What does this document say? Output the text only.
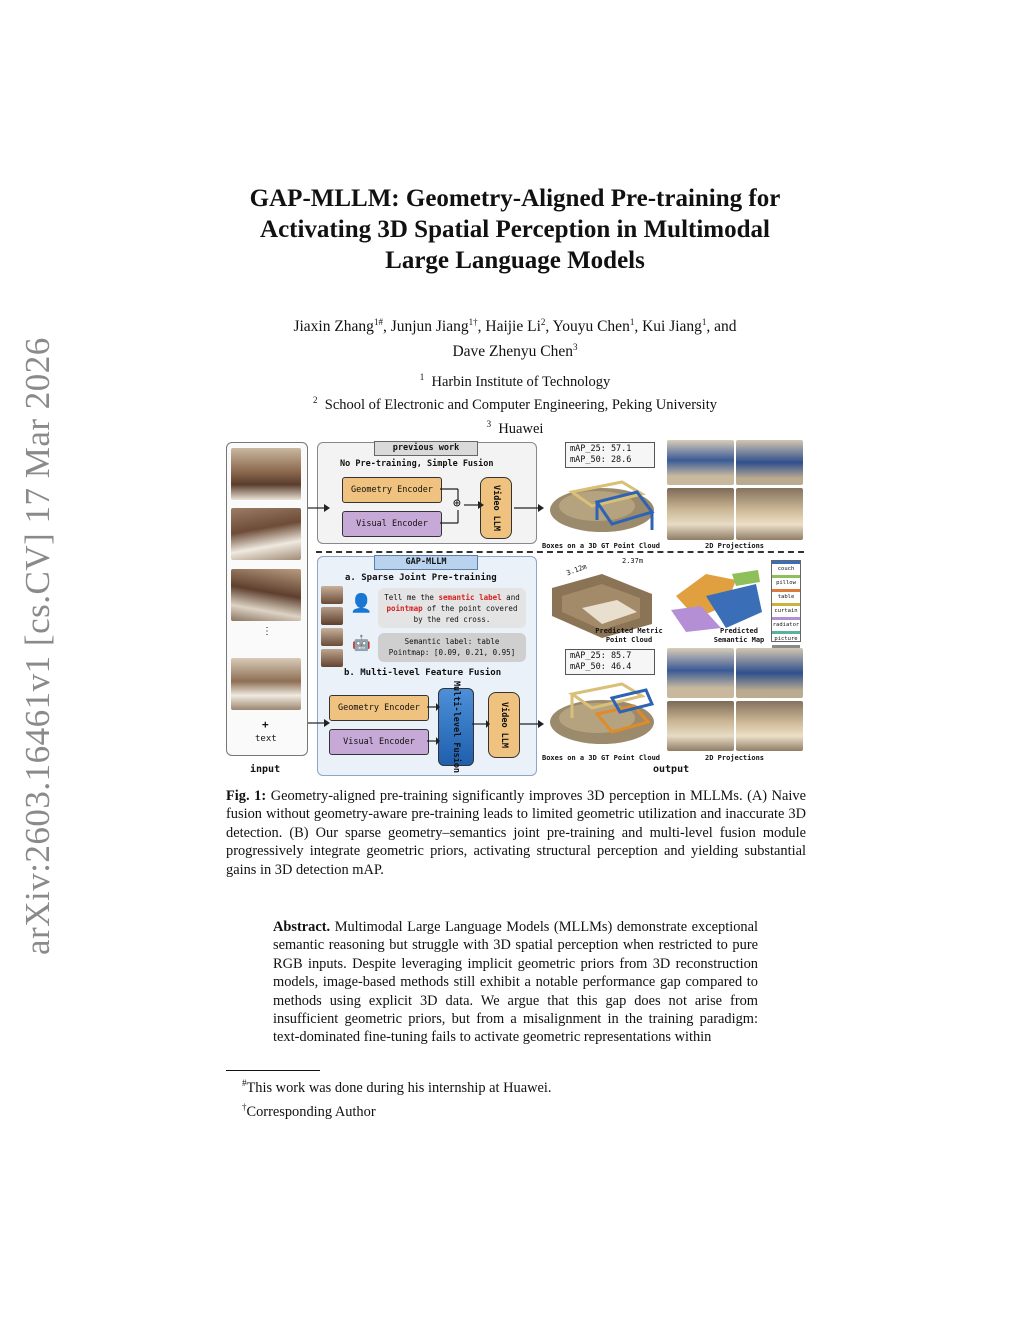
arXiv:2603.16461v1 [cs.CV] 17 Mar 2026
GAP-MLLM: Geometry-Aligned Pre-training for
Activating 3D Spatial Perception in Multimodal
Large Language Models
Jiaxin Zhang$^{1\#}$, Junjun Jiang$^{1\dagger}$, Haijie Li$^2$, Youyu Chen$^1$, Kui Jiang$^1$, and
Dave Zhenyu Chen$^3$
$^1$ Harbin Institute of Technology
$^2$ School of Electronic and Computer Engineering, Peking University
$^3$ Huawei
⋮
+
text
input
previous work
No Pre-training, Simple Fusion
Geometry Encoder
Visual Encoder
⊕	Video LLM
mAP_25: 57.1
mAP_50: 28.6
Boxes on a 3D GT Point Cloud	2D Projections
GAP-MLLM
a. Sparse Joint Pre-training
👤
🤖
Tell me the semantic label and
pointmap of the point covered
by the red cross.
Semantic label: table
Pointmap: [0.09, 0.21, 0.95]
b. Multi-level Feature Fusion
Geometry Encoder
Visual Encoder	Multi-level Fusion	Video LLM
3.12m
2.37m
Predicted Metric Point Cloud
Predicted Semantic Map
couch
pillow
table
curtain
radiator
picture
mAP_25: 85.7
mAP_50: 46.4
Boxes on a 3D GT Point Cloud	2D Projections
output
Fig. 1: Geometry-aligned pre-training significantly improves 3D perception in MLLMs. (A) Naive fusion without geometry-aware pre-training leads to limited geometric utilization and inaccurate 3D detection. (B) Our sparse geometry–semantics joint pre-training and multi-level fusion module progressively integrate geometric priors, activating structural perception and yielding substantial gains in 3D detection mAP.
Abstract. Multimodal Large Language Models (MLLMs) demonstrate exceptional semantic reasoning but struggle with 3D spatial perception when restricted to pure RGB inputs. Despite leveraging implicit geometric priors from 3D reconstruction models, image-based methods still exhibit a notable performance gap compared to methods using explicit 3D data. We argue that this gap does not arise from insufficient geometric priors, but from a misalignment in the training paradigm: text-dominated fine-tuning fails to activate geometric representations within
#This work was done during his internship at Huawei.
†Corresponding Author
